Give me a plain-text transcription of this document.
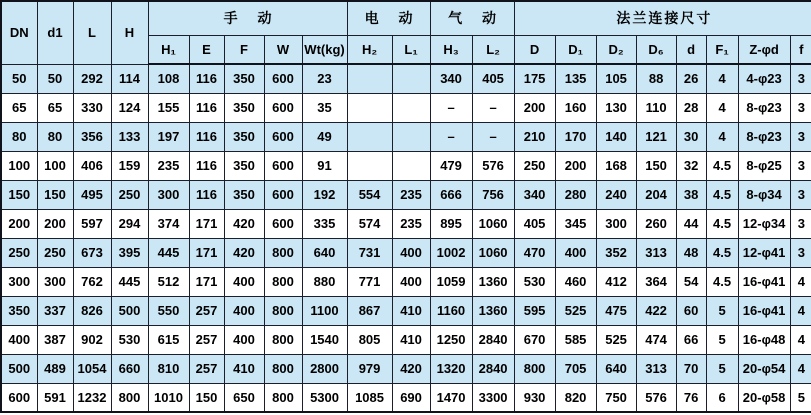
DN	d1	L	H	手 动					电 动		气 动		法兰连接尺寸							
				H₁	E	F	W	Wt(kg)	H₂	L₁	H₃	L₂	D	D₁	D₂	D₆	d	F₁	Z-φd	f
50	50	292	114	108	116	350	600	23			340	405	175	135	105	88	26	4	4-φ23	3
65	65	330	124	155	116	350	600	35			–	–	200	160	130	110	28	4	8-φ23	3
80	80	356	133	197	116	350	600	49			–	–	210	170	140	121	30	4	8-φ23	3
100	100	406	159	235	116	350	600	91			479	576	250	200	168	150	32	4.5	8-φ25	3
150	150	495	250	300	116	350	600	192	554	235	666	756	340	280	240	204	38	4.5	8-φ34	3
200	200	597	294	374	171	420	600	335	574	235	895	1060	405	345	300	260	44	4.5	12-φ34	3
250	250	673	395	445	171	420	800	640	731	400	1002	1060	470	400	352	313	48	4.5	12-φ41	3
300	300	762	445	512	171	400	800	880	771	400	1059	1360	530	460	412	364	54	4.5	16-φ41	4
350	337	826	500	550	257	400	800	1100	867	410	1160	1360	595	525	475	422	60	5	16-φ41	4
400	387	902	530	615	257	400	800	1540	805	410	1250	2840	670	585	525	474	66	5	16-φ48	4
500	489	1054	660	810	257	410	800	2800	979	420	1320	2840	800	705	640	313	70	5	20-φ54	4
600	591	1232	800	1010	150	650	800	5300	1085	690	1470	3300	930	820	750	576	76	6	20-φ58	5
